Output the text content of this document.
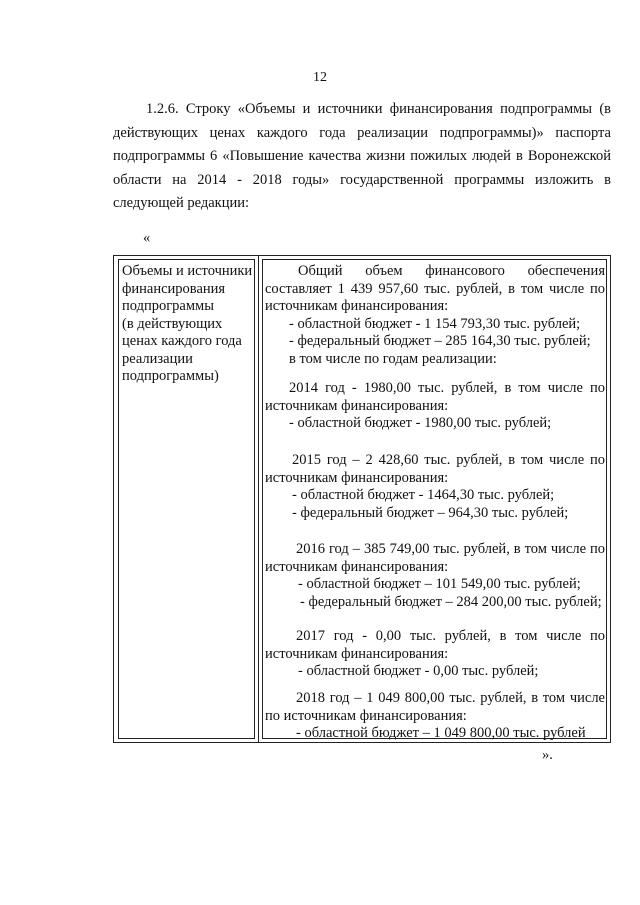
12

1.2.6. Строку «Объемы и источники финансирования подпрограммы (в

действующих ценах каждого года реализации подпрограммы)» паспорта

подпрограммы 6 «Повышение качества жизни пожилых людей в Воронежской

области на 2014 - 2018 годы» государственной программы изложить в

следующей редакции:

«
Объемы и источники
финансирования
подпрограммы
(в действующих
ценах каждого года
реализации
подпрограммы)
Общий объем финансового обеспечения
составляет 1 439 957,60 тыс. рублей, в том числе по
источникам финансирования:
- областной бюджет - 1 154 793,30 тыс. рублей;
- федеральный бюджет – 285 164,30 тыс. рублей;
в том числе по годам реализации:
2014 год - 1980,00 тыс. рублей, в том числе по
источникам финансирования:
- областной бюджет - 1980,00 тыс. рублей;
2015 год – 2 428,60 тыс. рублей, в том числе по
источникам финансирования:
- областной бюджет - 1464,30 тыс. рублей;
- федеральный бюджет – 964,30 тыс. рублей;
2016 год – 385 749,00 тыс. рублей, в том числе по
источникам финансирования:
- областной бюджет – 101 549,00 тыс. рублей;
- федеральный бюджет – 284 200,00 тыс. рублей;
2017 год - 0,00 тыс. рублей, в том числе по
источникам финансирования:
- областной бюджет - 0,00 тыс. рублей;
2018 год – 1 049 800,00 тыс. рублей, в том числе
по источникам финансирования:
- областной бюджет – 1 049 800,00 тыс. рублей
».
